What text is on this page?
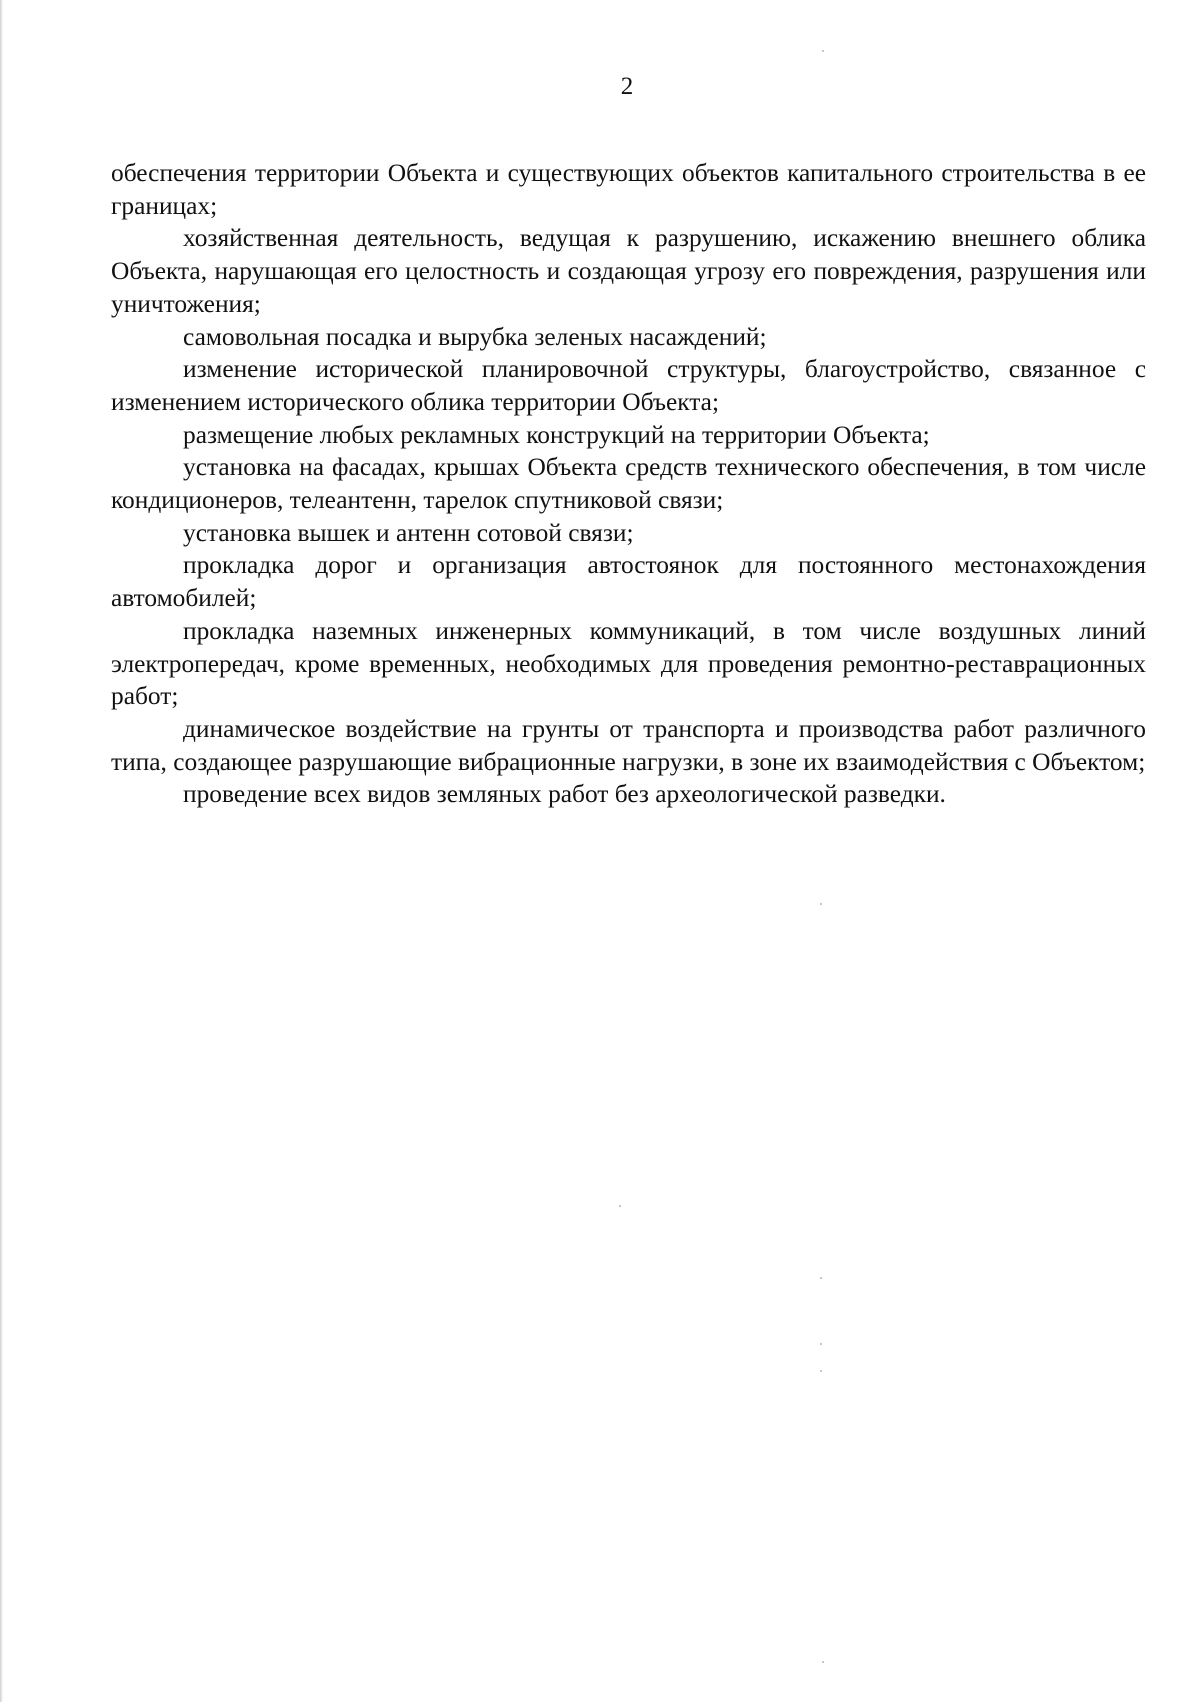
2

обеспечения территории Объекта и существующих объектов капитального строительства в ее границах;

хозяйственная деятельность, ведущая к разрушению, искажению внешнего облика Объекта, нарушающая его целостность и создающая угрозу его повреждения, разрушения или уничтожения;

самовольная посадка и вырубка зеленых насаждений;

изменение исторической планировочной структуры, благоустройство, связанное с изменением исторического облика территории Объекта;

размещение любых рекламных конструкций на территории Объекта;

установка на фасадах, крышах Объекта средств технического обеспечения, в том числе кондиционеров, телеантенн, тарелок спутниковой связи;

установка вышек и антенн сотовой связи;

прокладка дорог и организация автостоянок для постоянного местонахождения автомобилей;

прокладка наземных инженерных коммуникаций, в том числе воздушных линий электропередач, кроме временных, необходимых для проведения ремонтно-реставрационных работ;

динамическое воздействие на грунты от транспорта и производства работ различного типа, создающее разрушающие вибрационные нагрузки, в зоне их взаимодействия с Объектом;

проведение всех видов земляных работ без археологической разведки.
